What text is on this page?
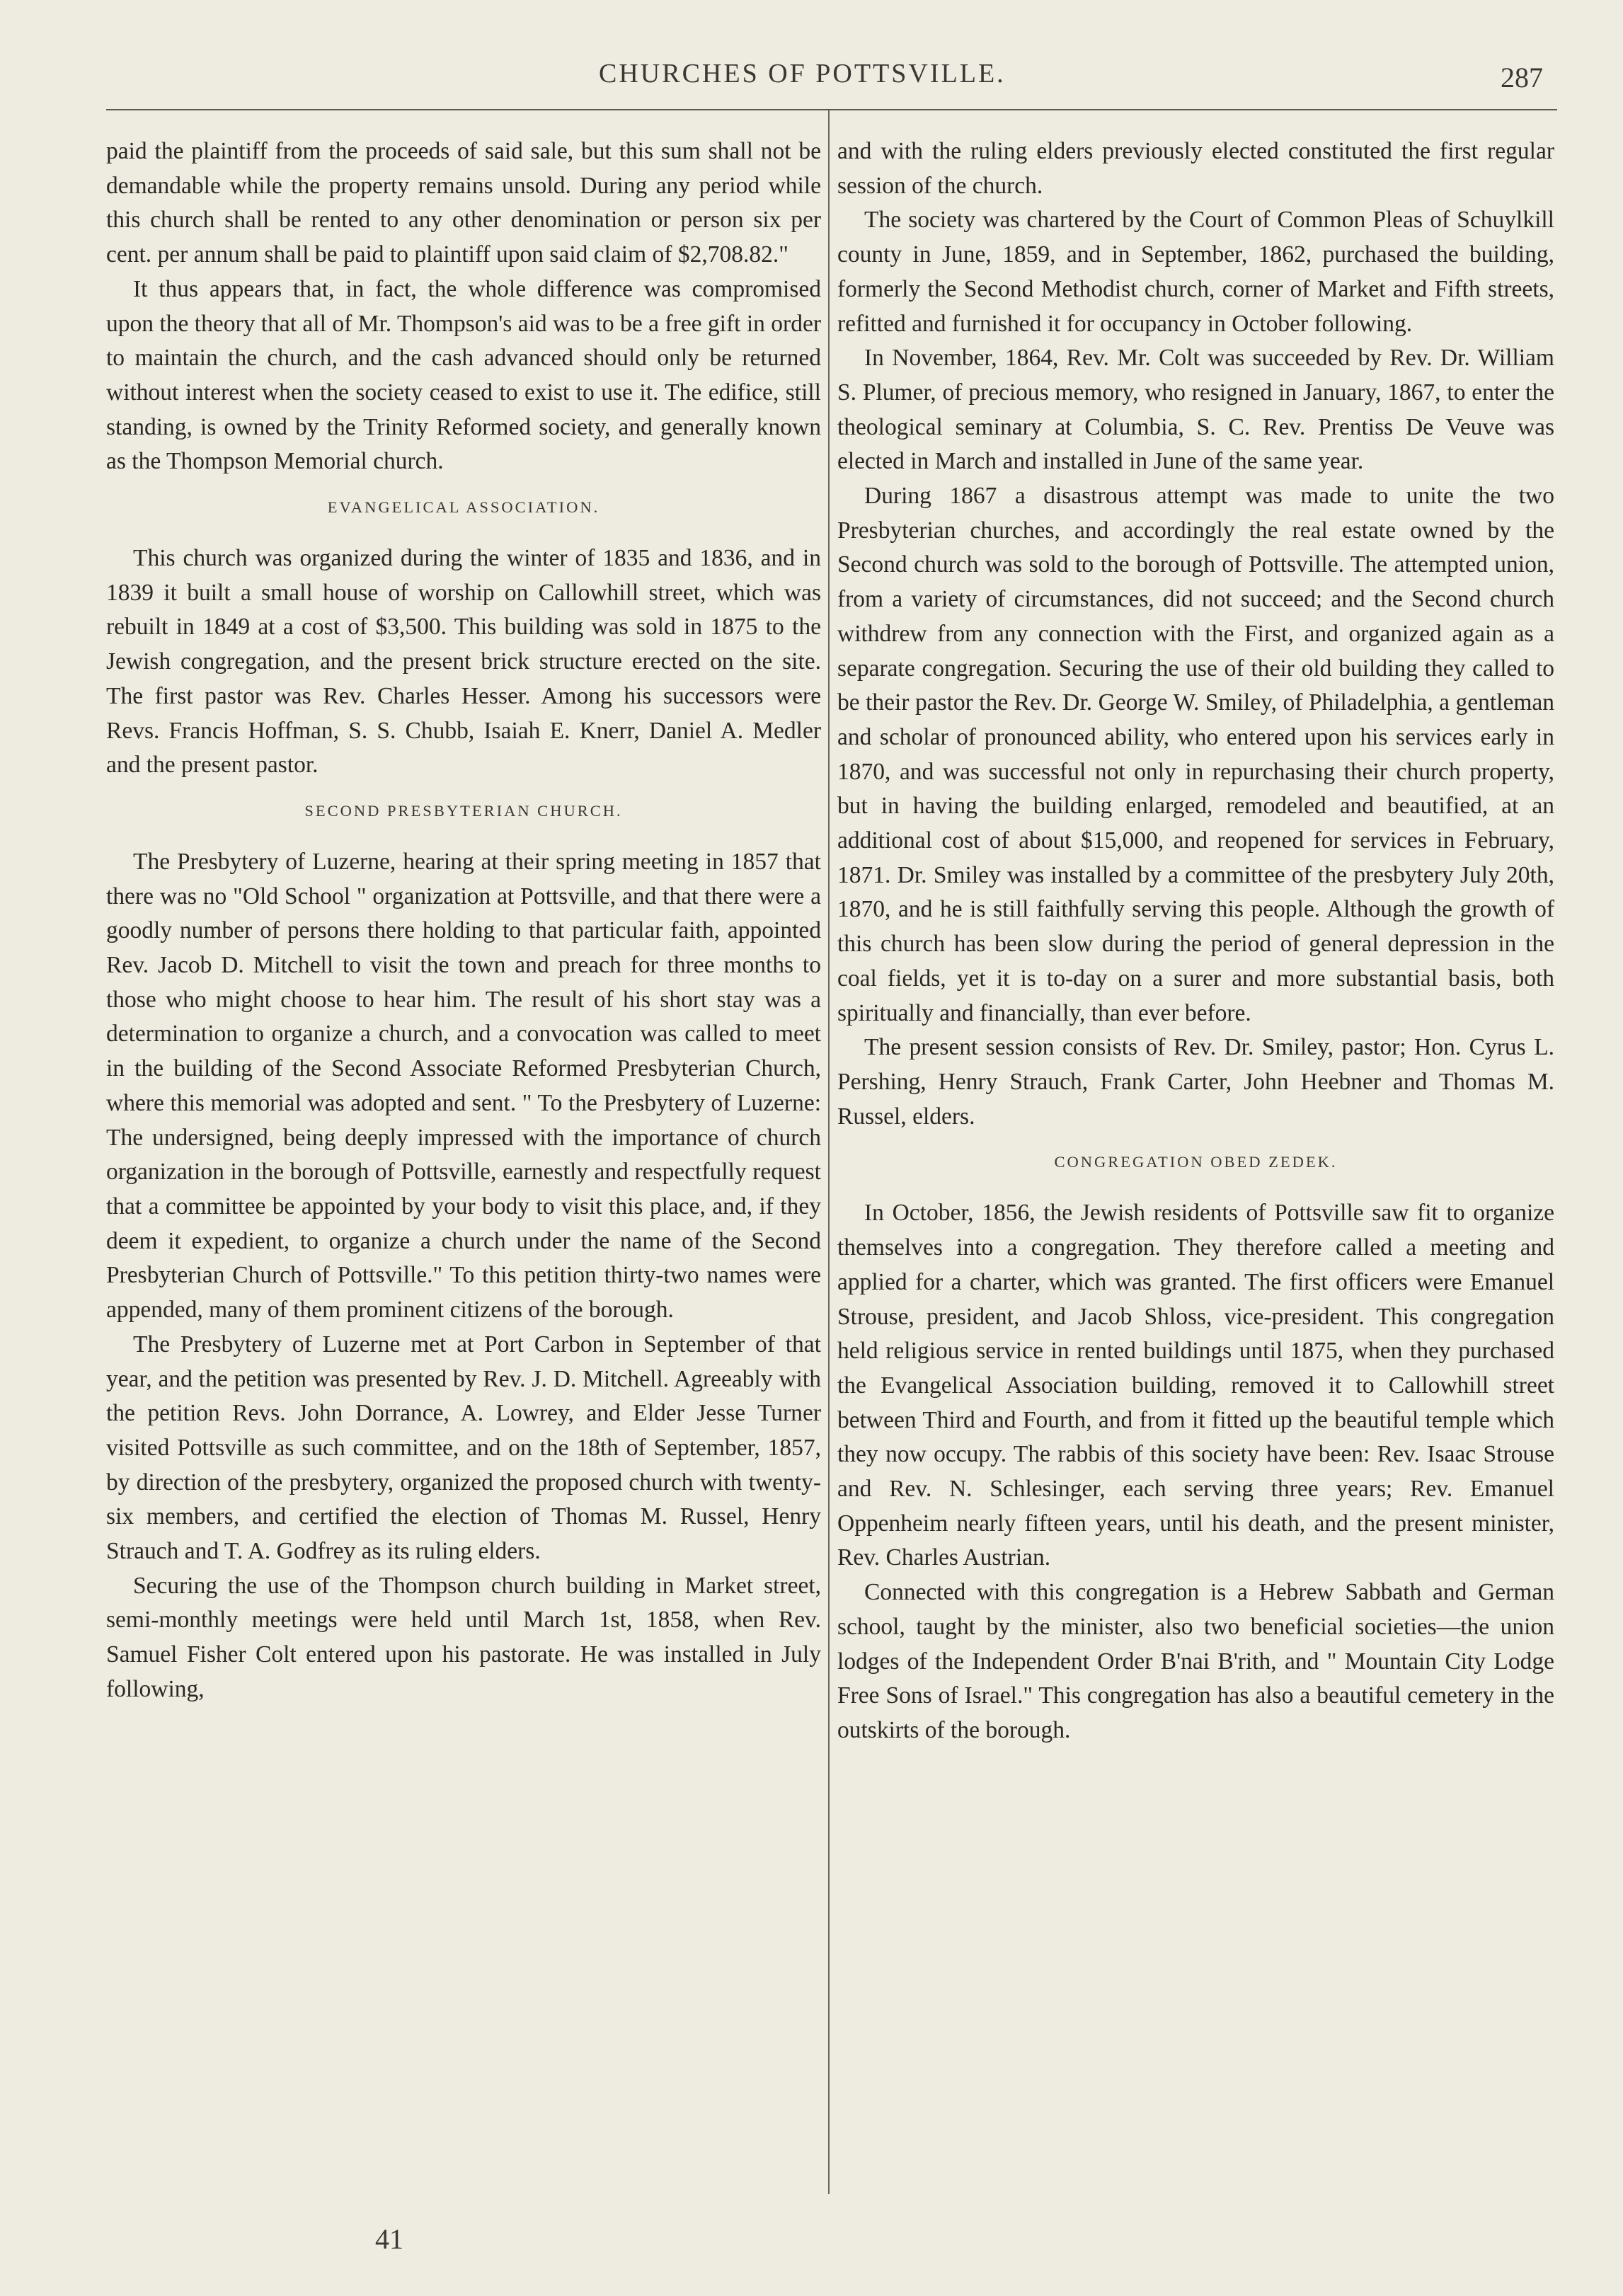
CHURCHES OF POTTSVILLE.	287

paid the plaintiff from the proceeds of said sale, but this sum shall not be demandable while the property remains unsold. During any period while this church shall be rented to any other denomination or person six per cent. per annum shall be paid to plaintiff upon said claim of $2,708.82."

It thus appears that, in fact, the whole difference was compromised upon the theory that all of Mr. Thompson's aid was to be a free gift in order to maintain the church, and the cash advanced should only be returned without interest when the society ceased to exist to use it. The edifice, still standing, is owned by the Trinity Reformed society, and generally known as the Thompson Memorial church.

EVANGELICAL ASSOCIATION.

This church was organized during the winter of 1835 and 1836, and in 1839 it built a small house of worship on Callowhill street, which was rebuilt in 1849 at a cost of $3,500. This building was sold in 1875 to the Jewish congregation, and the present brick structure erected on the site. The first pastor was Rev. Charles Hesser. Among his successors were Revs. Francis Hoffman, S. S. Chubb, Isaiah E. Knerr, Daniel A. Medler and the present pastor.

SECOND PRESBYTERIAN CHURCH.

The Presbytery of Luzerne, hearing at their spring meeting in 1857 that there was no "Old School " organization at Pottsville, and that there were a goodly number of persons there holding to that particular faith, appointed Rev. Jacob D. Mitchell to visit the town and preach for three months to those who might choose to hear him. The result of his short stay was a determination to organize a church, and a convocation was called to meet in the building of the Second Associate Reformed Presbyterian Church, where this memorial was adopted and sent. " To the Presbytery of Luzerne: The undersigned, being deeply impressed with the importance of church organization in the borough of Pottsville, earnestly and respectfully request that a committee be appointed by your body to visit this place, and, if they deem it expedient, to organize a church under the name of the Second Presbyterian Church of Pottsville." To this petition thirty-two names were appended, many of them prominent citizens of the borough.

The Presbytery of Luzerne met at Port Carbon in September of that year, and the petition was presented by Rev. J. D. Mitchell. Agreeably with the petition Revs. John Dorrance, A. Lowrey, and Elder Jesse Turner visited Pottsville as such committee, and on the 18th of September, 1857, by direction of the presbytery, organized the proposed church with twenty-six members, and certified the election of Thomas M. Russel, Henry Strauch and T. A. Godfrey as its ruling elders.

Securing the use of the Thompson church building in Market street, semi-monthly meetings were held until March 1st, 1858, when Rev. Samuel Fisher Colt entered upon his pastorate. He was installed in July following,

and with the ruling elders previously elected constituted the first regular session of the church.

The society was chartered by the Court of Common Pleas of Schuylkill county in June, 1859, and in September, 1862, purchased the building, formerly the Second Methodist church, corner of Market and Fifth streets, refitted and furnished it for occupancy in October following.

In November, 1864, Rev. Mr. Colt was succeeded by Rev. Dr. William S. Plumer, of precious memory, who resigned in January, 1867, to enter the theological seminary at Columbia, S. C. Rev. Prentiss De Veuve was elected in March and installed in June of the same year.

During 1867 a disastrous attempt was made to unite the two Presbyterian churches, and accordingly the real estate owned by the Second church was sold to the borough of Pottsville. The attempted union, from a variety of circumstances, did not succeed; and the Second church withdrew from any connection with the First, and organized again as a separate congregation. Securing the use of their old building they called to be their pastor the Rev. Dr. George W. Smiley, of Philadelphia, a gentleman and scholar of pronounced ability, who entered upon his services early in 1870, and was successful not only in repurchasing their church property, but in having the building enlarged, remodeled and beautified, at an additional cost of about $15,000, and reopened for services in February, 1871. Dr. Smiley was installed by a committee of the presbytery July 20th, 1870, and he is still faithfully serving this people. Although the growth of this church has been slow during the period of general depression in the coal fields, yet it is to-day on a surer and more substantial basis, both spiritually and financially, than ever before.

The present session consists of Rev. Dr. Smiley, pastor; Hon. Cyrus L. Pershing, Henry Strauch, Frank Carter, John Heebner and Thomas M. Russel, elders.

CONGREGATION OBED ZEDEK.

In October, 1856, the Jewish residents of Pottsville saw fit to organize themselves into a congregation. They therefore called a meeting and applied for a charter, which was granted. The first officers were Emanuel Strouse, president, and Jacob Shloss, vice-president. This congregation held religious service in rented buildings until 1875, when they purchased the Evangelical Association building, removed it to Callowhill street between Third and Fourth, and from it fitted up the beautiful temple which they now occupy. The rabbis of this society have been: Rev. Isaac Strouse and Rev. N. Schlesinger, each serving three years; Rev. Emanuel Oppenheim nearly fifteen years, until his death, and the present minister, Rev. Charles Austrian.

Connected with this congregation is a Hebrew Sabbath and German school, taught by the minister, also two beneficial societies—the union lodges of the Independent Order B'nai B'rith, and " Mountain City Lodge Free Sons of Israel." This congregation has also a beautiful cemetery in the outskirts of the borough.

41
